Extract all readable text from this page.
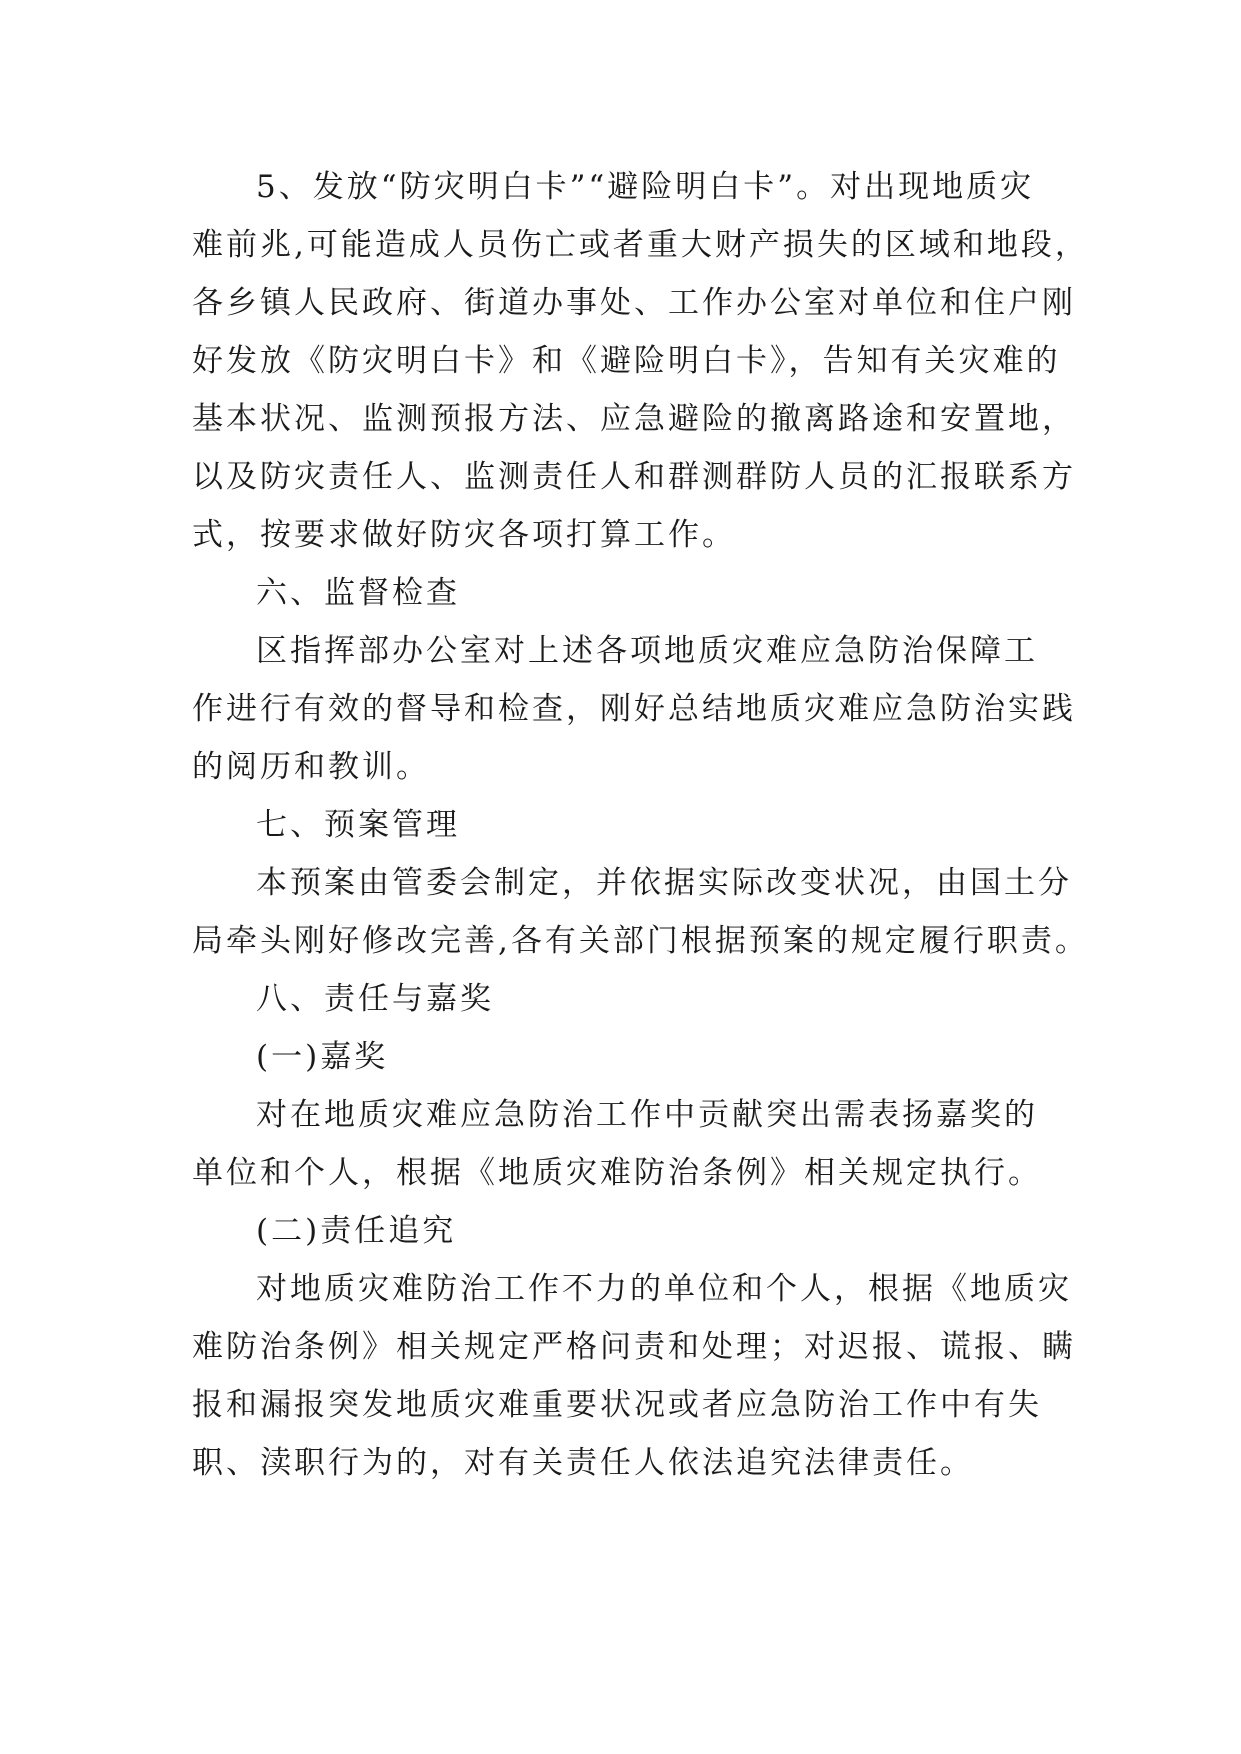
5、发放“防灾明白卡”“避险明白卡”。对出现地质灾
难前兆,可能造成人员伤亡或者重大财产损失的区域和地段，
各乡镇人民政府、街道办事处、工作办公室对单位和住户刚
好发放《防灾明白卡》和《避险明白卡》，告知有关灾难的
基本状况、监测预报方法、应急避险的撤离路途和安置地，
以及防灾责任人、监测责任人和群测群防人员的汇报联系方
式，按要求做好防灾各项打算工作。
六、监督检查
区指挥部办公室对上述各项地质灾难应急防治保障工
作进行有效的督导和检查，刚好总结地质灾难应急防治实践
的阅历和教训。
七、预案管理
本预案由管委会制定，并依据实际改变状况，由国土分
局牵头刚好修改完善,各有关部门根据预案的规定履行职责。
八、责任与嘉奖
(一)嘉奖
对在地质灾难应急防治工作中贡献突出需表扬嘉奖的
单位和个人，根据《地质灾难防治条例》相关规定执行。
(二)责任追究
对地质灾难防治工作不力的单位和个人，根据《地质灾
难防治条例》相关规定严格问责和处理；对迟报、谎报、瞒
报和漏报突发地质灾难重要状况或者应急防治工作中有失
职、渎职行为的，对有关责任人依法追究法律责任。
